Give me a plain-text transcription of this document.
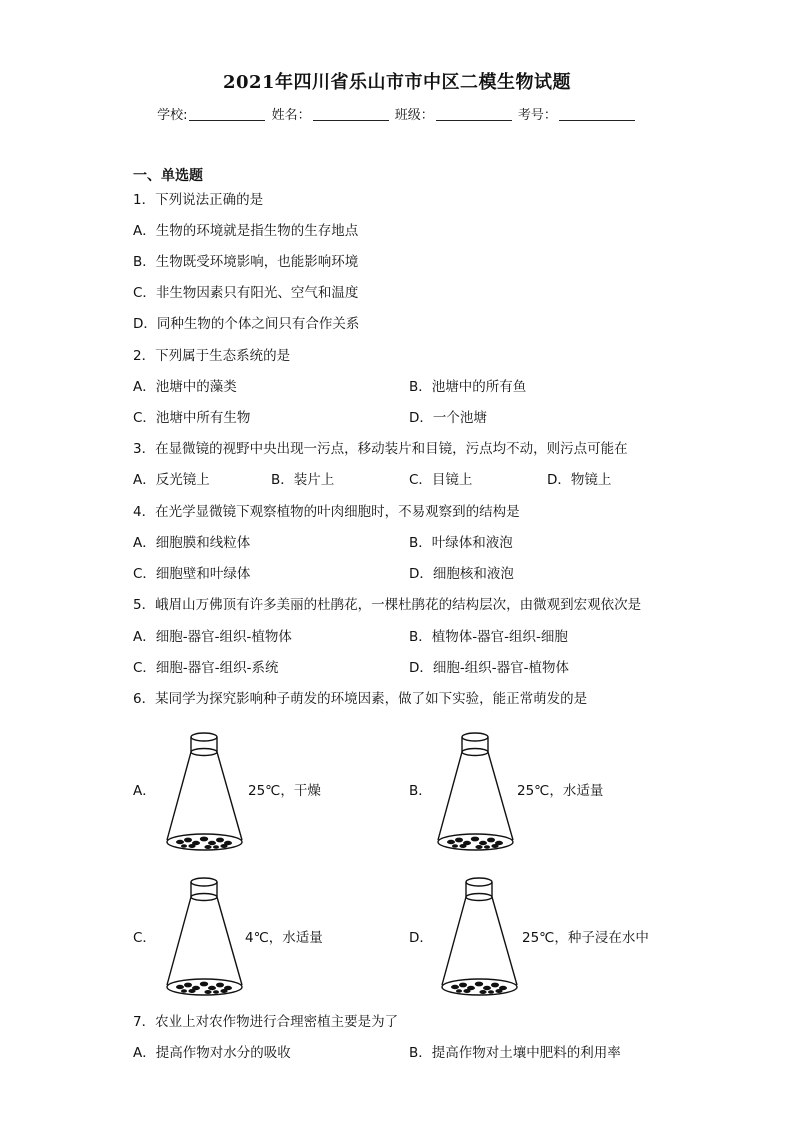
2021年四川省乐山市市中区二模生物试题
学校:	姓名：	班级：	考号：
一、单选题
1．下列说法正确的是
A．生物的环境就是指生物的生存地点
B．生物既受环境影响，也能影响环境
C．非生物因素只有阳光、空气和温度
D．同种生物的个体之间只有合作关系
2．下列属于生态系统的是
A．池塘中的藻类	B．池塘中的所有鱼
C．池塘中所有生物	D．一个池塘
3．在显微镜的视野中央出现一污点，移动装片和目镜，污点均不动，则污点可能在
A．反光镜上	B．装片上	C．目镜上	D．物镜上
4．在光学显微镜下观察植物的叶肉细胞时，不易观察到的结构是
A．细胞膜和线粒体	B．叶绿体和液泡
C．细胞壁和叶绿体	D．细胞核和液泡
5．峨眉山万佛顶有许多美丽的杜鹃花，一棵杜鹃花的结构层次，由微观到宏观依次是
A．细胞-器官-组织-植物体	B．植物体-器官-组织-细胞
C．细胞-器官-组织-系统	D．细胞-组织-器官-植物体
6．某同学为探究影响种子萌发的环境因素，做了如下实验，能正常萌发的是
A．	25℃，干燥	B．	25℃，水适量
C．	4℃，水适量	D．	25℃，种子浸在水中
7．农业上对农作物进行合理密植主要是为了
A．提高作物对水分的吸收	B．提高作物对土壤中肥料的利用率
